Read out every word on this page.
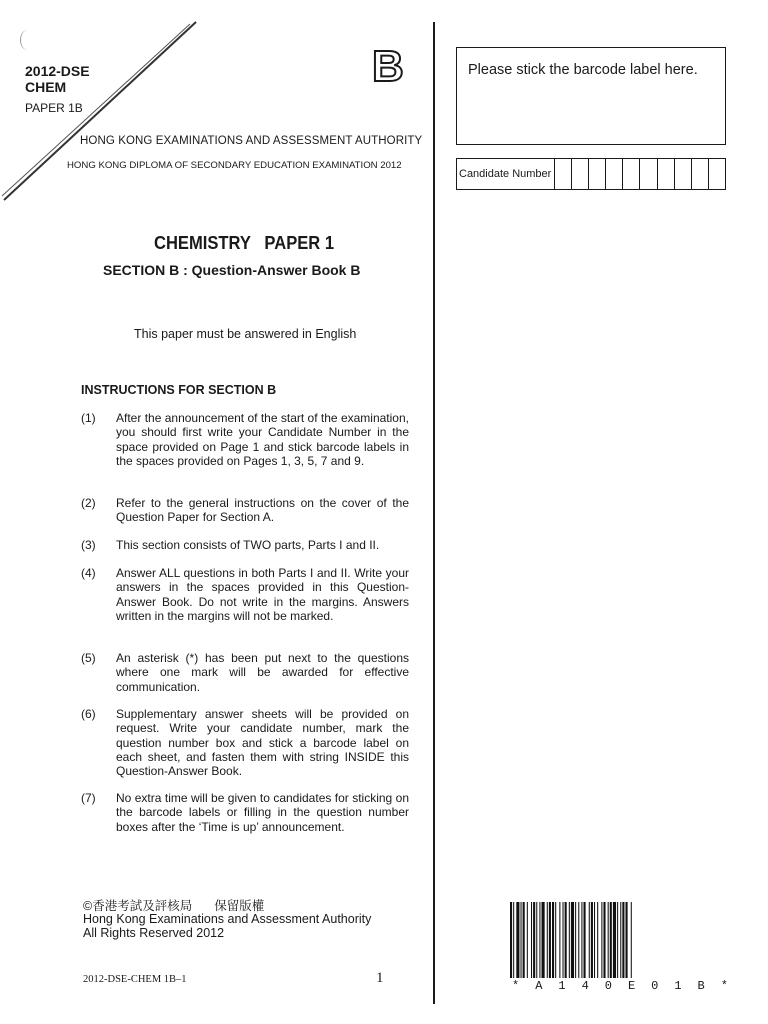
2012-DSE
CHEM
PAPER 1B
B
HONG KONG EXAMINATIONS AND ASSESSMENT AUTHORITY
HONG KONG DIPLOMA OF SECONDARY EDUCATION EXAMINATION 2012
Please stick the barcode label here.
Candidate Number
CHEMISTRY   PAPER 1
SECTION B : Question-Answer Book B
This paper must be answered in English
INSTRUCTIONS FOR SECTION B
(1) After the announcement of the start of the examination, you should first write your Candidate Number in the space provided on Page 1 and stick barcode labels in the spaces provided on Pages 1, 3, 5, 7 and 9.
(2) Refer to the general instructions on the cover of the Question Paper for Section A.
(3) This section consists of TWO parts, Parts I and II.
(4) Answer ALL questions in both Parts I and II. Write your answers in the spaces provided in this Question-Answer Book. Do not write in the margins. Answers written in the margins will not be marked.
(5) An asterisk (*) has been put next to the questions where one mark will be awarded for effective communication.
(6) Supplementary answer sheets will be provided on request. Write your candidate number, mark the question number box and stick a barcode label on each sheet, and fasten them with string INSIDE this Question-Answer Book.
(7) No extra time will be given to candidates for sticking on the barcode labels or filling in the question number boxes after the ‘Time is up’ announcement.
©香港考試及評核局 保留版權
Hong Kong Examinations and Assessment Authority
All Rights Reserved 2012
2012-DSE-CHEM 1B–1	1	* A 1 4 0 E 0 1 B *
